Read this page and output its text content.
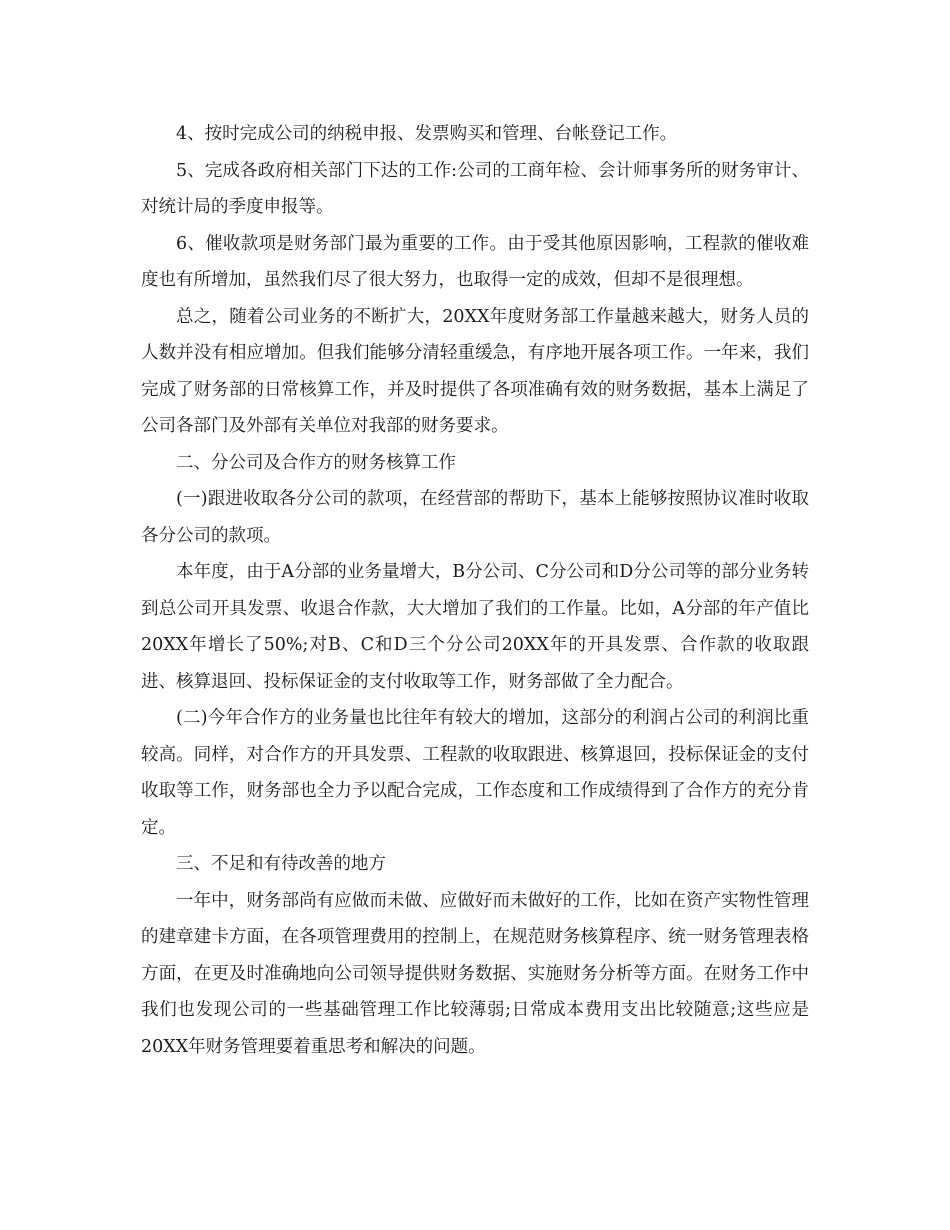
4、按时完成公司的纳税申报、发票购买和管理、台帐登记工作。

5、完成各政府相关部门下达的工作:公司的工商年检、会计师事务所的财务审计、对统计局的季度申报等。

6、催收款项是财务部门最为重要的工作。由于受其他原因影响，工程款的催收难度也有所增加，虽然我们尽了很大努力，也取得一定的成效，但却不是很理想。

总之，随着公司业务的不断扩大，20XX年度财务部工作量越来越大，财务人员的人数并没有相应增加。但我们能够分清轻重缓急，有序地开展各项工作。一年来，我们完成了财务部的日常核算工作，并及时提供了各项准确有效的财务数据，基本上满足了公司各部门及外部有关单位对我部的财务要求。

二、分公司及合作方的财务核算工作

(一)跟进收取各分公司的款项，在经营部的帮助下，基本上能够按照协议准时收取各分公司的款项。

本年度，由于A分部的业务量增大，B分公司、C分公司和D分公司等的部分业务转到总公司开具发票、收退合作款，大大增加了我们的工作量。比如，A分部的年产值比20XX年增长了50%;对B、C和D三个分公司20XX年的开具发票、合作款的收取跟进、核算退回、投标保证金的支付收取等工作，财务部做了全力配合。

(二)今年合作方的业务量也比往年有较大的增加，这部分的利润占公司的利润比重较高。同样，对合作方的开具发票、工程款的收取跟进、核算退回，投标保证金的支付收取等工作，财务部也全力予以配合完成，工作态度和工作成绩得到了合作方的充分肯定。

三、不足和有待改善的地方

一年中，财务部尚有应做而未做、应做好而未做好的工作，比如在资产实物性管理的建章建卡方面，在各项管理费用的控制上，在规范财务核算程序、统一财务管理表格方面，在更及时准确地向公司领导提供财务数据、实施财务分析等方面。在财务工作中我们也发现公司的一些基础管理工作比较薄弱;日常成本费用支出比较随意;这些应是20XX年财务管理要着重思考和解决的问题。
